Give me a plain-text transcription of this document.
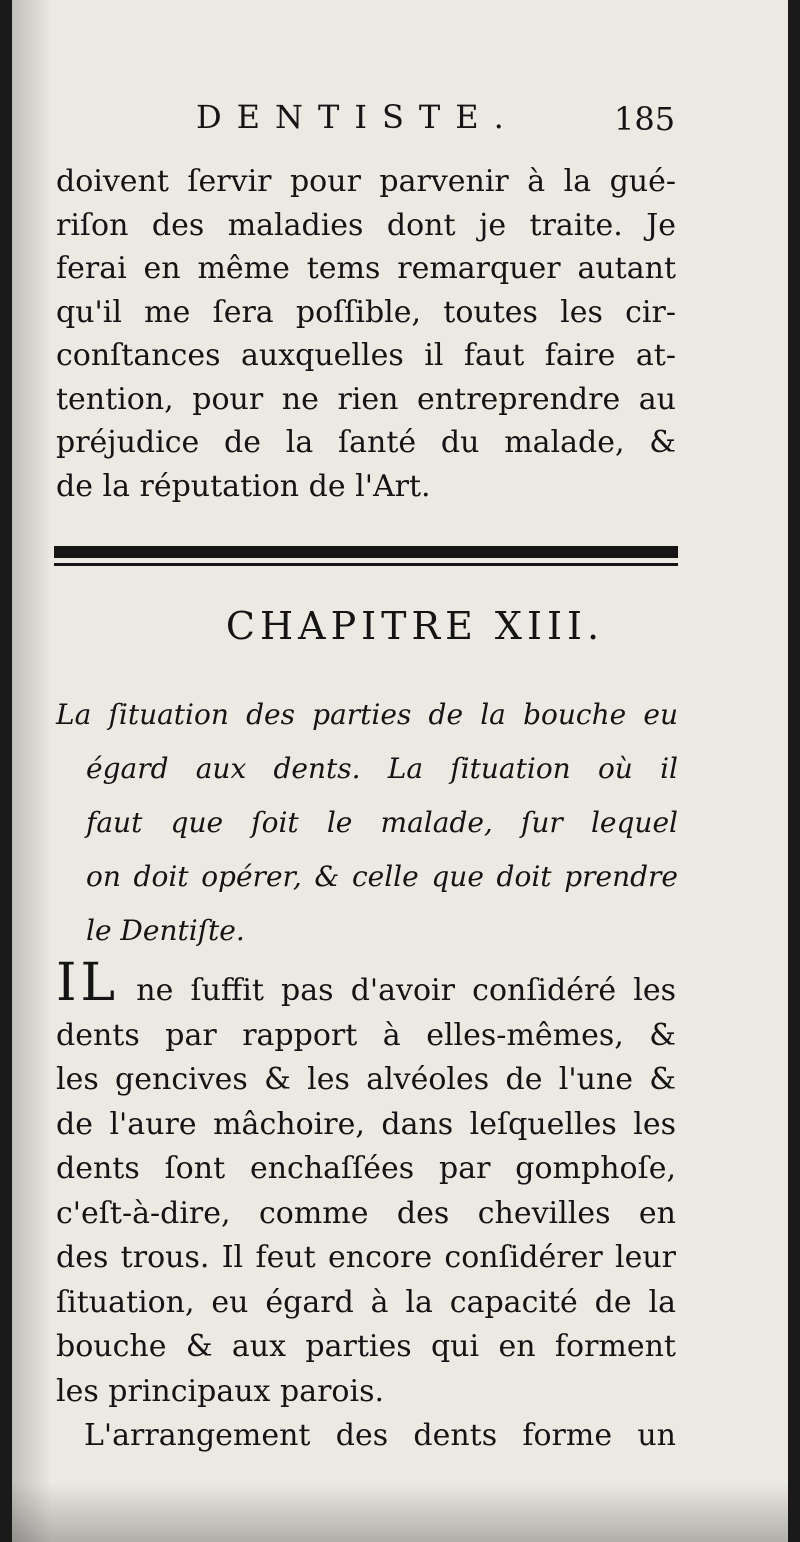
DENTISTE.	185
doivent ſervir pour parvenir à la gué-
riſon des maladies dont je traite. Je
ferai en même tems remarquer autant
qu'il me ſera poſſible, toutes les cir-
conſtances auxquelles il faut faire at-
tention, pour ne rien entreprendre au
préjudice de la ſanté du malade, &
de la réputation de l'Art.
CHAPITRE XIII.
La ſituation des parties de la bouche eu
égard aux dents. La ſituation où il
faut que ſoit le malade, ſur lequel
on doit opérer, & celle que doit prendre
le Dentiſte.
IL ne ſuffit pas d'avoir conſidéré les
dents par rapport à elles-mêmes, &
les gencives & les alvéoles de l'une &
de l'aure mâchoire, dans leſquelles les
dents ſont enchaſſées par gomphoſe,
c'eſt-à-dire, comme des chevilles en
des trous. Il feut encore conſidérer leur
ſituation, eu égard à la capacité de la
bouche & aux parties qui en forment
les principaux parois.
L'arrangement des dents forme un
